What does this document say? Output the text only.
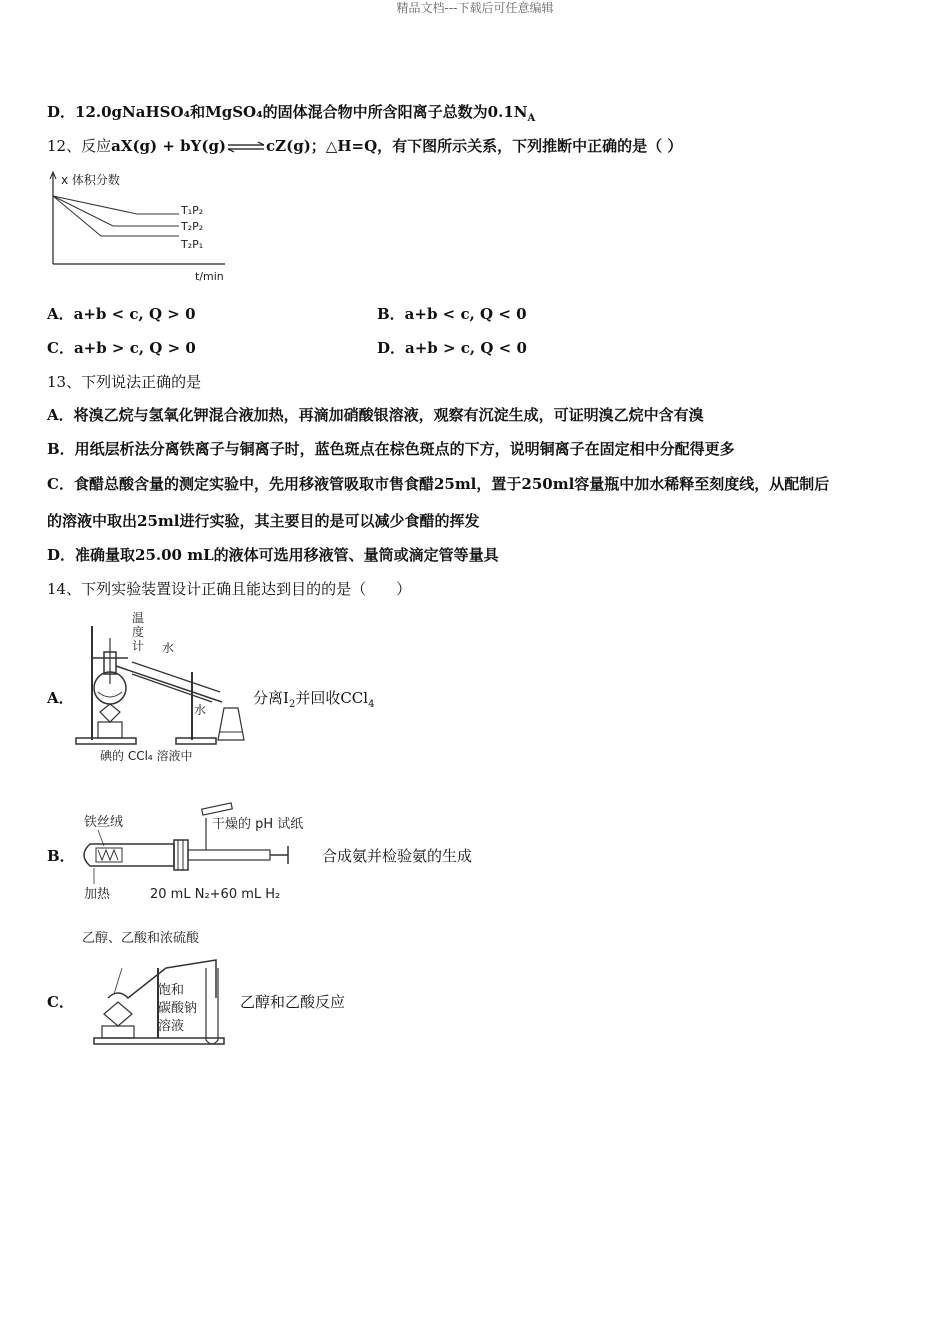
精品文档---下载后可任意编辑
D．12.0gNaHSO₄和MgSO₄的固体混合物中所含阳离子总数为$0.1N_A$
12、反应aX(g) + bY(g)⇌cZ(g)；△H=Q，有下图所示关系，下列推断中正确的是（ ）
x 体积分数
t/min
T₁P₂
T₂P₂
T₂P₁
A．a+b < c, Q > 0	B．a+b < c, Q < 0
C．a+b > c, Q > 0	D．a+b > c, Q < 0
13、下列说法正确的是
A．将溴乙烷与氢氧化钾混合液加热，再滴加硝酸银溶液，观察有沉淀生成，可证明溴乙烷中含有溴
B．用纸层析法分离铁离子与铜离子时，蓝色斑点在棕色斑点的下方，说明铜离子在固定相中分配得更多
C．食醋总酸含量的测定实验中，先用移液管吸取市售食醋25ml，置于250ml容量瓶中加水稀释至刻度线，从配制后
的溶液中取出25ml进行实验，其主要目的是可以减少食醋的挥发
D．准确量取25.00 mL的液体可选用移液管、量筒或滴定管等量具
14、下列实验装置设计正确且能达到目的的是（　　）
A．
温
度
计 水
水
碘的 CCl₄ 溶液中
分离$I_2$并回收CCl$_4$
B．
铁丝绒	干燥的 pH 试纸
加热	20 mL N₂+60 mL H₂
合成氨并检验氨的生成
C．
乙醇、乙酸和浓硫酸
饱和
碳酸钠
溶液
乙醇和乙酸反应
